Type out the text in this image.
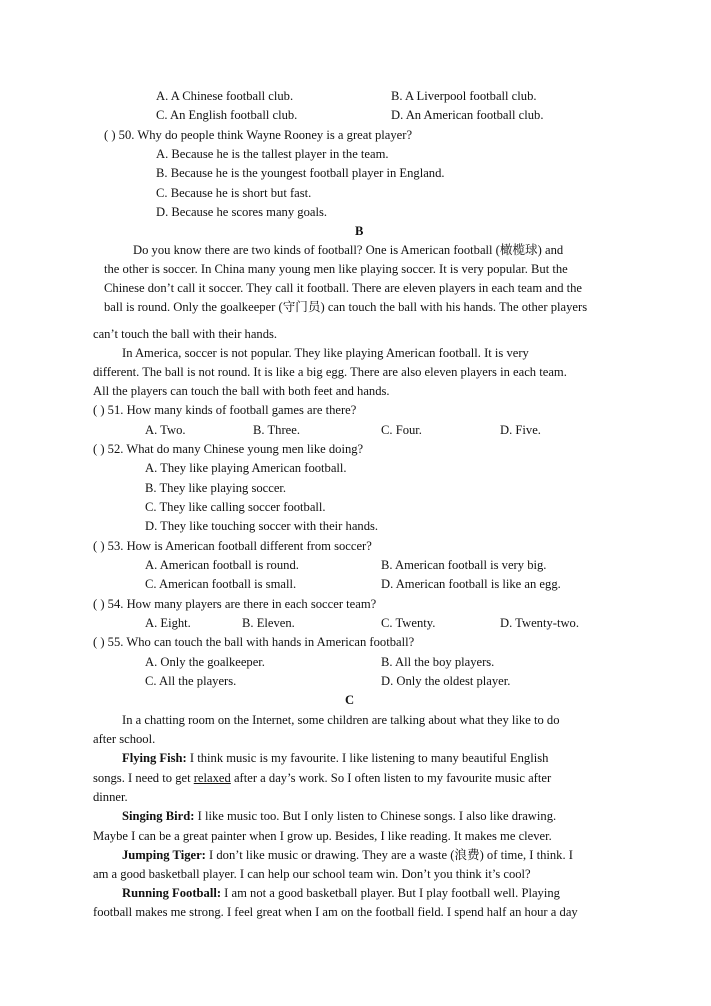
A. A Chinese football club.	B. A Liverpool football club.
C. An English football club.	D. An American football club.
( ) 50. Why do people think Wayne Rooney is a great player?
A. Because he is the tallest player in the team.
B. Because he is the youngest football player in England.
C. Because he is short but fast.
D. Because he scores many goals.
B
Do you know there are two kinds of football? One is American football (橄榄球) and
the other is soccer. In China many young men like playing soccer. It is very popular. But the
Chinese don’t call it soccer. They call it football. There are eleven players in each team and the
ball is round. Only the goalkeeper (守门员) can touch the ball with his hands. The other players
can’t touch the ball with their hands.
In America, soccer is not popular. They like playing American football. It is very
different. The ball is not round. It is like a big egg. There are also eleven players in each team.
All the players can touch the ball with both feet and hands.
( ) 51. How many kinds of football games are there?
A. Two.	B. Three.	C. Four.	D. Five.
( ) 52. What do many Chinese young men like doing?
A. They like playing American football.
B. They like playing soccer.
C. They like calling soccer football.
D. They like touching soccer with their hands.
( ) 53. How is American football different from soccer?
A. American football is round.	B. American football is very big.
C. American football is small.	D. American football is like an egg.
( ) 54. How many players are there in each soccer team?
A. Eight.	B. Eleven.	C. Twenty.	D. Twenty-two.
( ) 55. Who can touch the ball with hands in American football?
A. Only the goalkeeper.	B. All the boy players.
C. All the players.	D. Only the oldest player.
C
In a chatting room on the Internet, some children are talking about what they like to do
after school.
Flying Fish: I think music is my favourite. I like listening to many beautiful English
songs. I need to get relaxed after a day’s work. So I often listen to my favourite music after
dinner.
Singing Bird: I like music too. But I only listen to Chinese songs. I also like drawing.
Maybe I can be a great painter when I grow up. Besides, I like reading. It makes me clever.
Jumping Tiger: I don’t like music or drawing. They are a waste (浪费) of time, I think. I
am a good basketball player. I can help our school team win. Don’t you think it’s cool?
Running Football: I am not a good basketball player. But I play football well. Playing
football makes me strong. I feel great when I am on the football field. I spend half an hour a day
